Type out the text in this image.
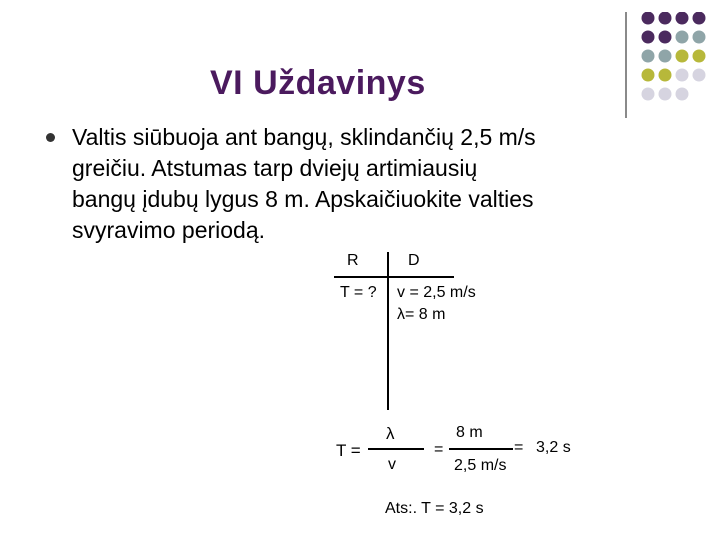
VI Uždavinys
Valtis siūbuoja ant bangų, sklindančių 2,5 m/s
greičiu. Atstumas tarp dviejų artimiausių
bangų įdubų lygus 8 m. Apskaičiuokite valties
svyravimo periodą.
R	D
T = ? v = 2,5 m/s
λ= 8 m
T =
λ
v
=
8 m
2,5 m/s
= 3,2 s
Ats:. T = 3,2 s
